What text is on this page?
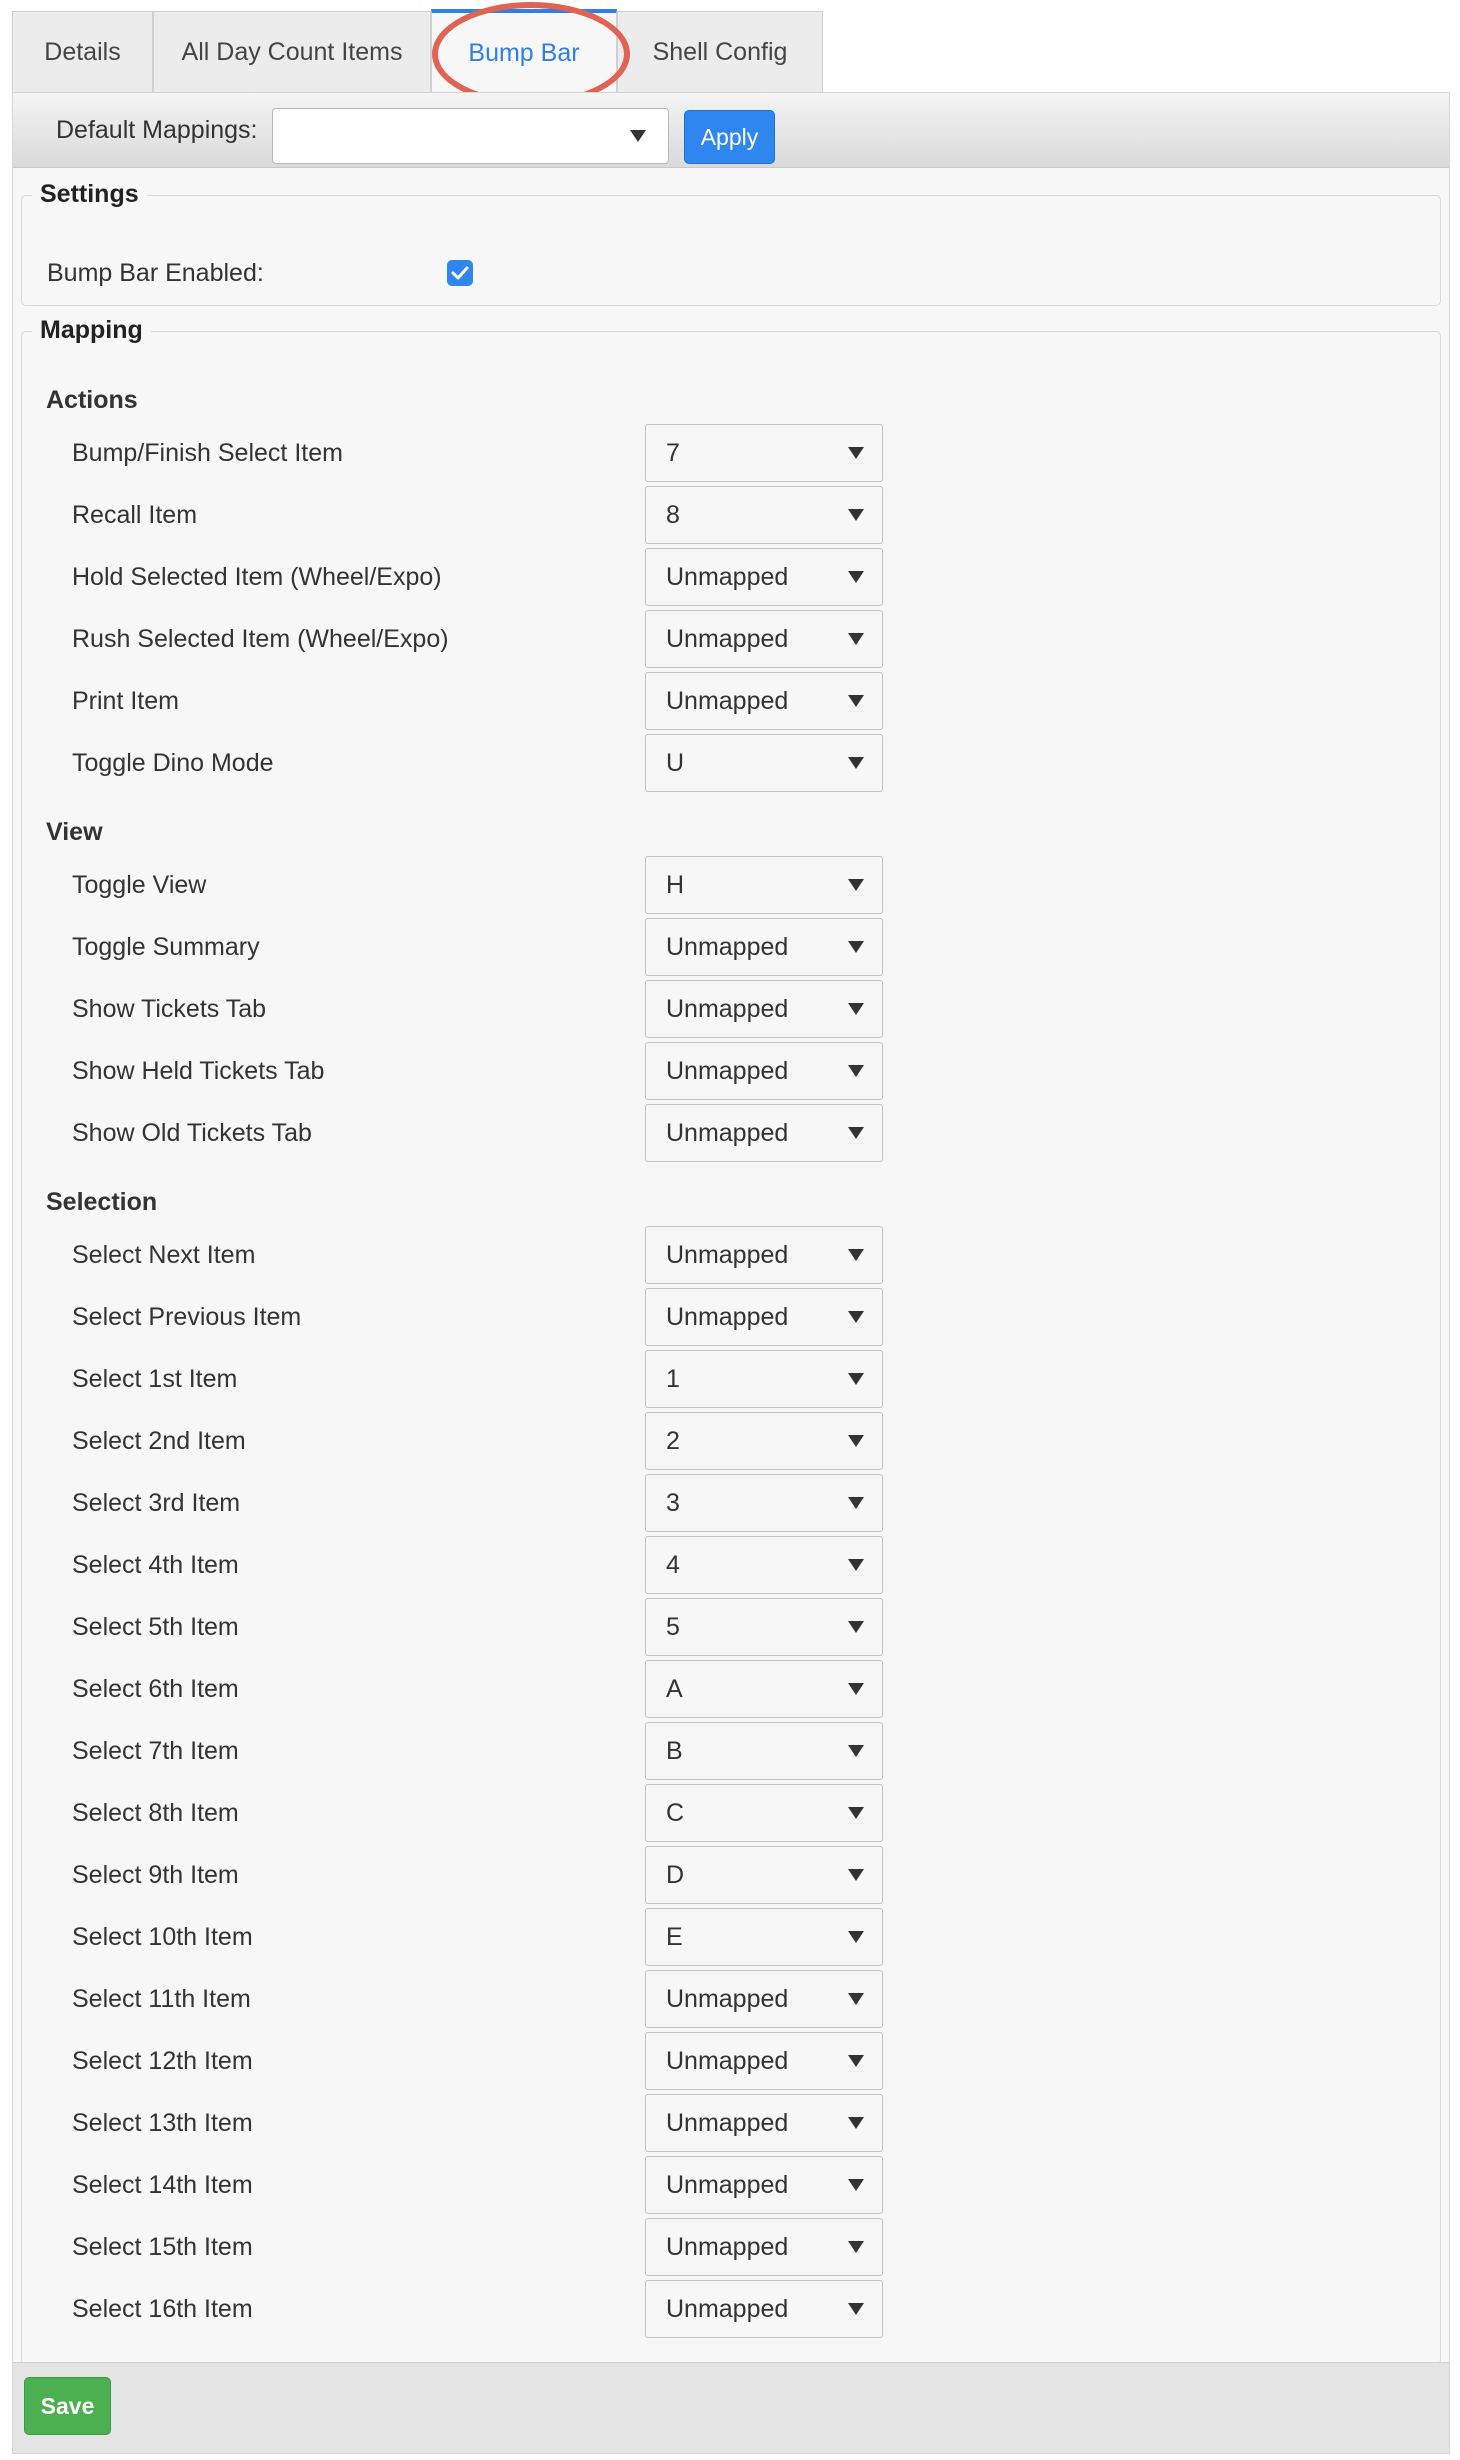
Details	All Day Count Items	Bump Bar	Shell Config
Default Mappings:	Apply
Settings
Bump Bar Enabled:
Mapping
Actions
Bump/Finish Select Item	7
Recall Item	8
Hold Selected Item (Wheel/Expo)	Unmapped
Rush Selected Item (Wheel/Expo)	Unmapped
Print Item	Unmapped
Toggle Dino Mode	U
View
Toggle View	H
Toggle Summary	Unmapped
Show Tickets Tab	Unmapped
Show Held Tickets Tab	Unmapped
Show Old Tickets Tab	Unmapped
Selection
Select Next Item	Unmapped
Select Previous Item	Unmapped
Select 1st Item	1
Select 2nd Item	2
Select 3rd Item	3
Select 4th Item	4
Select 5th Item	5
Select 6th Item	A
Select 7th Item	B
Select 8th Item	C
Select 9th Item	D
Select 10th Item	E
Select 11th Item	Unmapped
Select 12th Item	Unmapped
Select 13th Item	Unmapped
Select 14th Item	Unmapped
Select 15th Item	Unmapped
Select 16th Item	Unmapped
Save
